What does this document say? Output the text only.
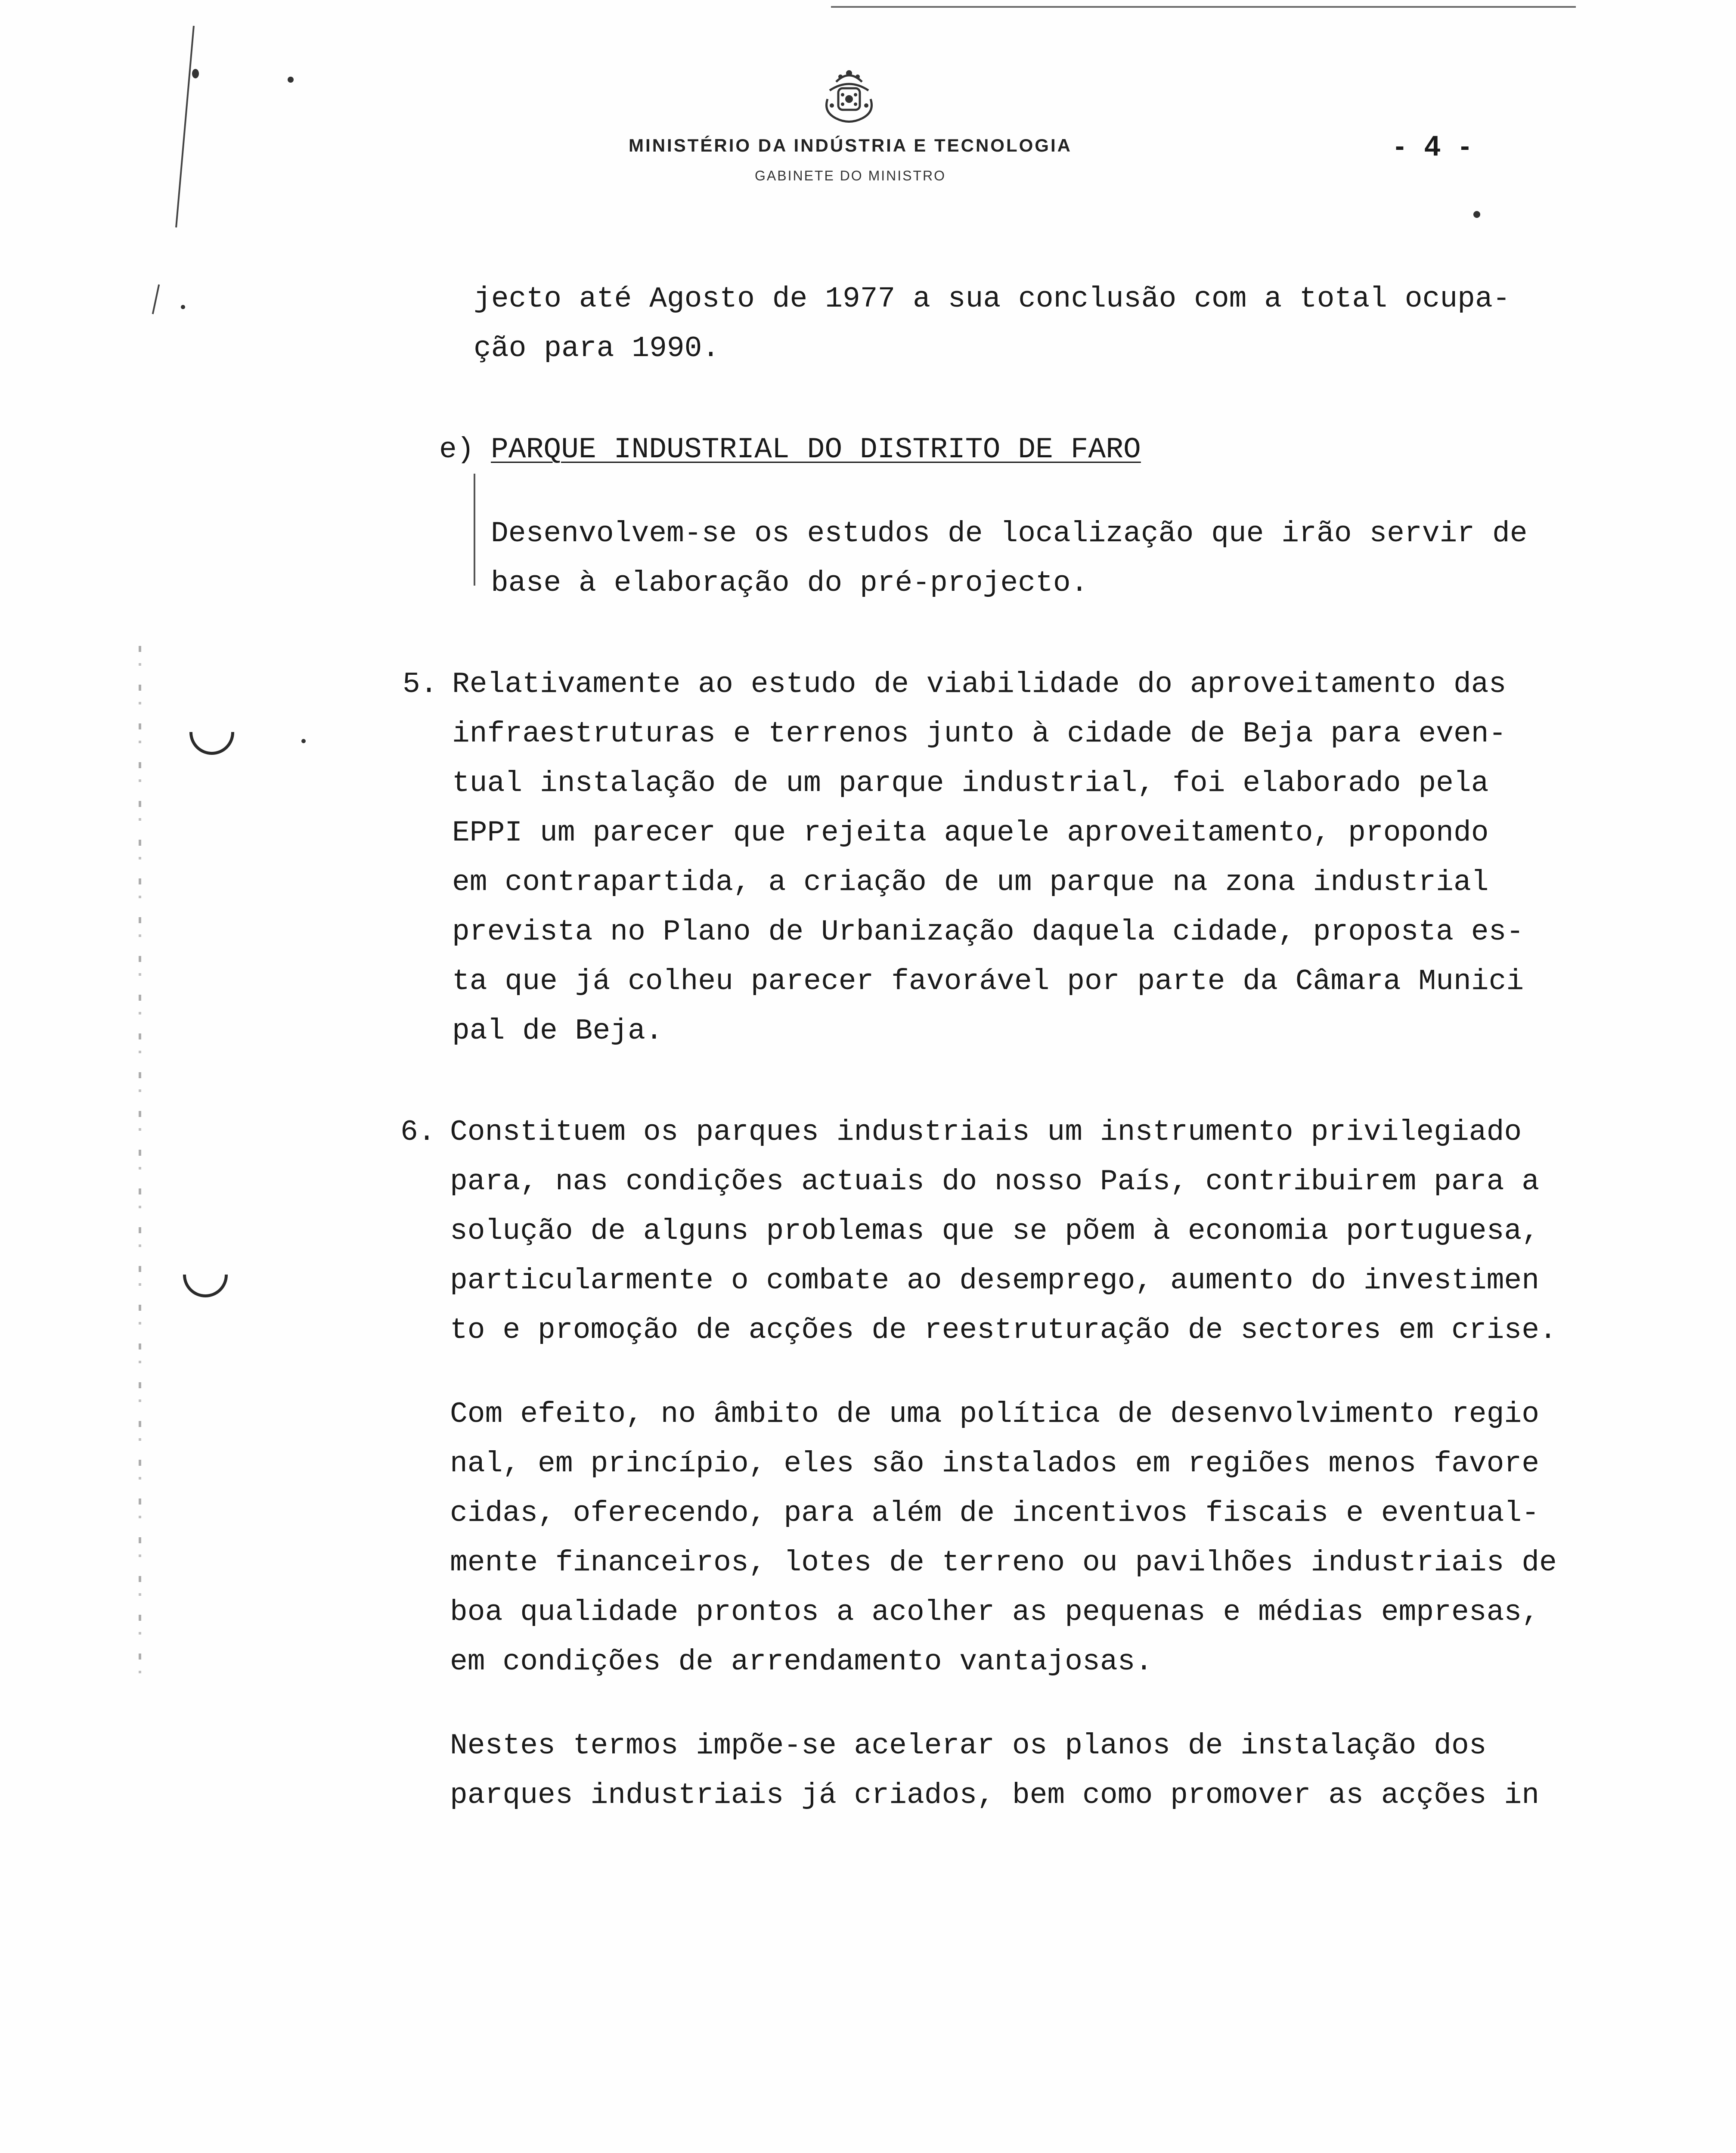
MINISTÉRIO DA INDÚSTRIA E TECNOLOGIA
GABINETE DO MINISTRO
- 4 -
jecto até Agosto de 1977 a sua conclusão com a total ocupa-
ção para 1990.
e) PARQUE INDUSTRIAL DO DISTRITO DE FARO
Desenvolvem-se os estudos de localização que irão servir de
base à elaboração do pré-projecto.
5. Relativamente ao estudo de viabilidade do aproveitamento das
infraestruturas e terrenos junto à cidade de Beja para even-
tual instalação de um parque industrial, foi elaborado pela
EPPI um parecer que rejeita aquele aproveitamento, propondo
em contrapartida, a criação de um parque na zona industrial
prevista no Plano de Urbanização daquela cidade, proposta es-
ta que já colheu parecer favorável por parte da Câmara Munici
pal de Beja.
6. Constituem os parques industriais um instrumento privilegiado
para, nas condições actuais do nosso País, contribuirem para a
solução de alguns problemas que se põem à economia portuguesa,
particularmente o combate ao desemprego, aumento do investimen
to e promoção de acções de reestruturação de sectores em crise.
Com efeito, no âmbito de uma política de desenvolvimento regio
nal, em princípio, eles são instalados em regiões menos favore
cidas, oferecendo, para além de incentivos fiscais e eventual-
mente financeiros, lotes de terreno ou pavilhões industriais de
boa qualidade prontos a acolher as pequenas e médias empresas,
em condições de arrendamento vantajosas.
Nestes termos impõe-se acelerar os planos de instalação dos
parques industriais já criados, bem como promover as acções in
